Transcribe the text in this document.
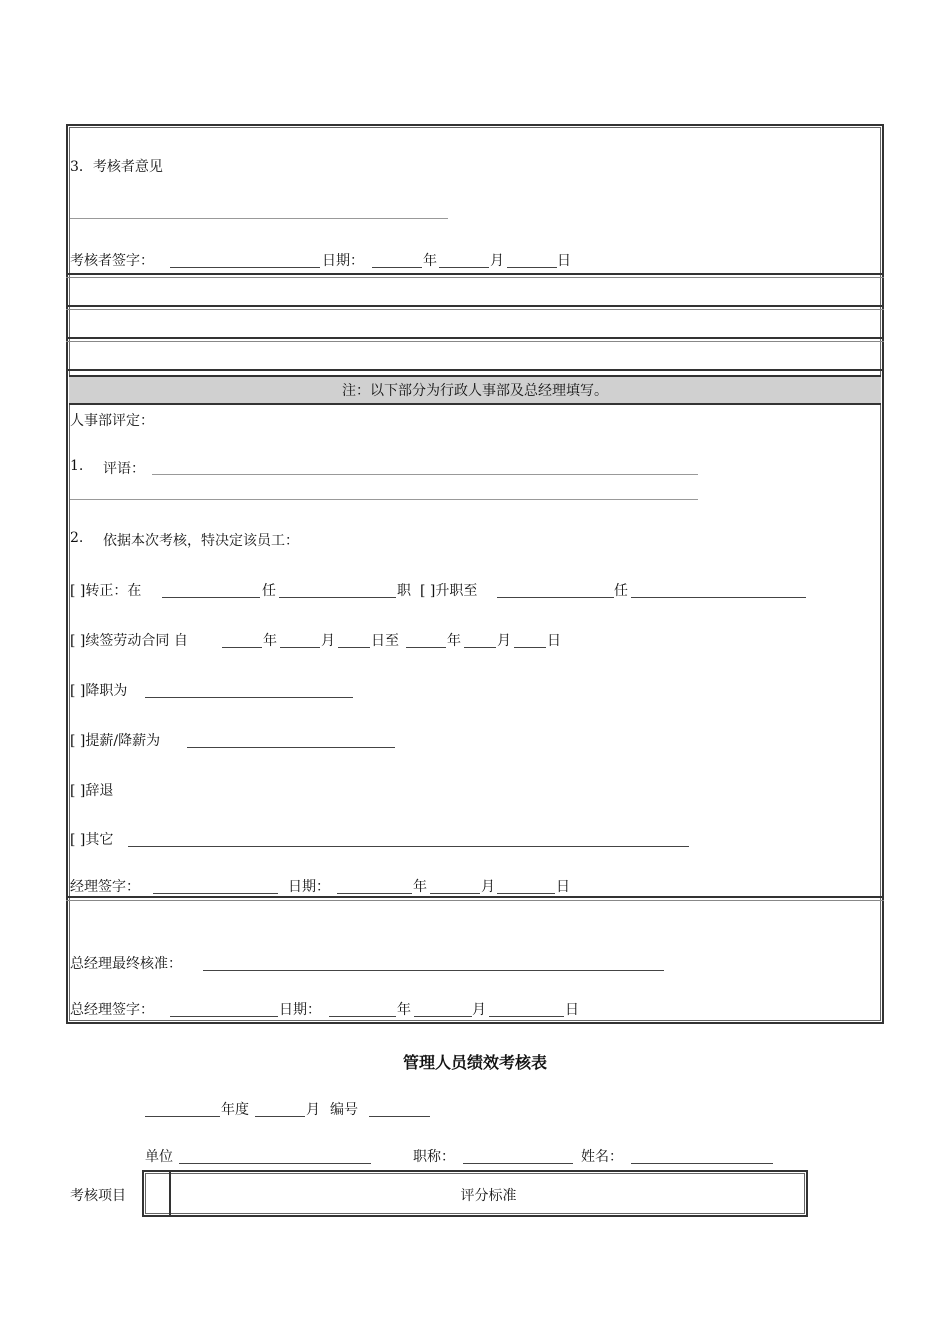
3．考核者意见
考核者签字：	日期：	年	月	日
注：以下部分为行政人事部及总经理填写。
人事部评定：
1. 评语：
2. 依据本次考核，特决定该员工：
[ ]转正：在	任	职 [ ]升职至	任
[ ]续签劳动合同 自	年	月	日至	年	月	日
[ ]降职为
[ ]提薪/降薪为
[ ]辞退
[ ]其它
经理签字：	日期：	年	月	日
总经理最终核准：
总经理签字：	日期：	年	月	日
管理人员绩效考核表
年度	月 编号
单位	职称：	姓名：
考核项目	评分标准
